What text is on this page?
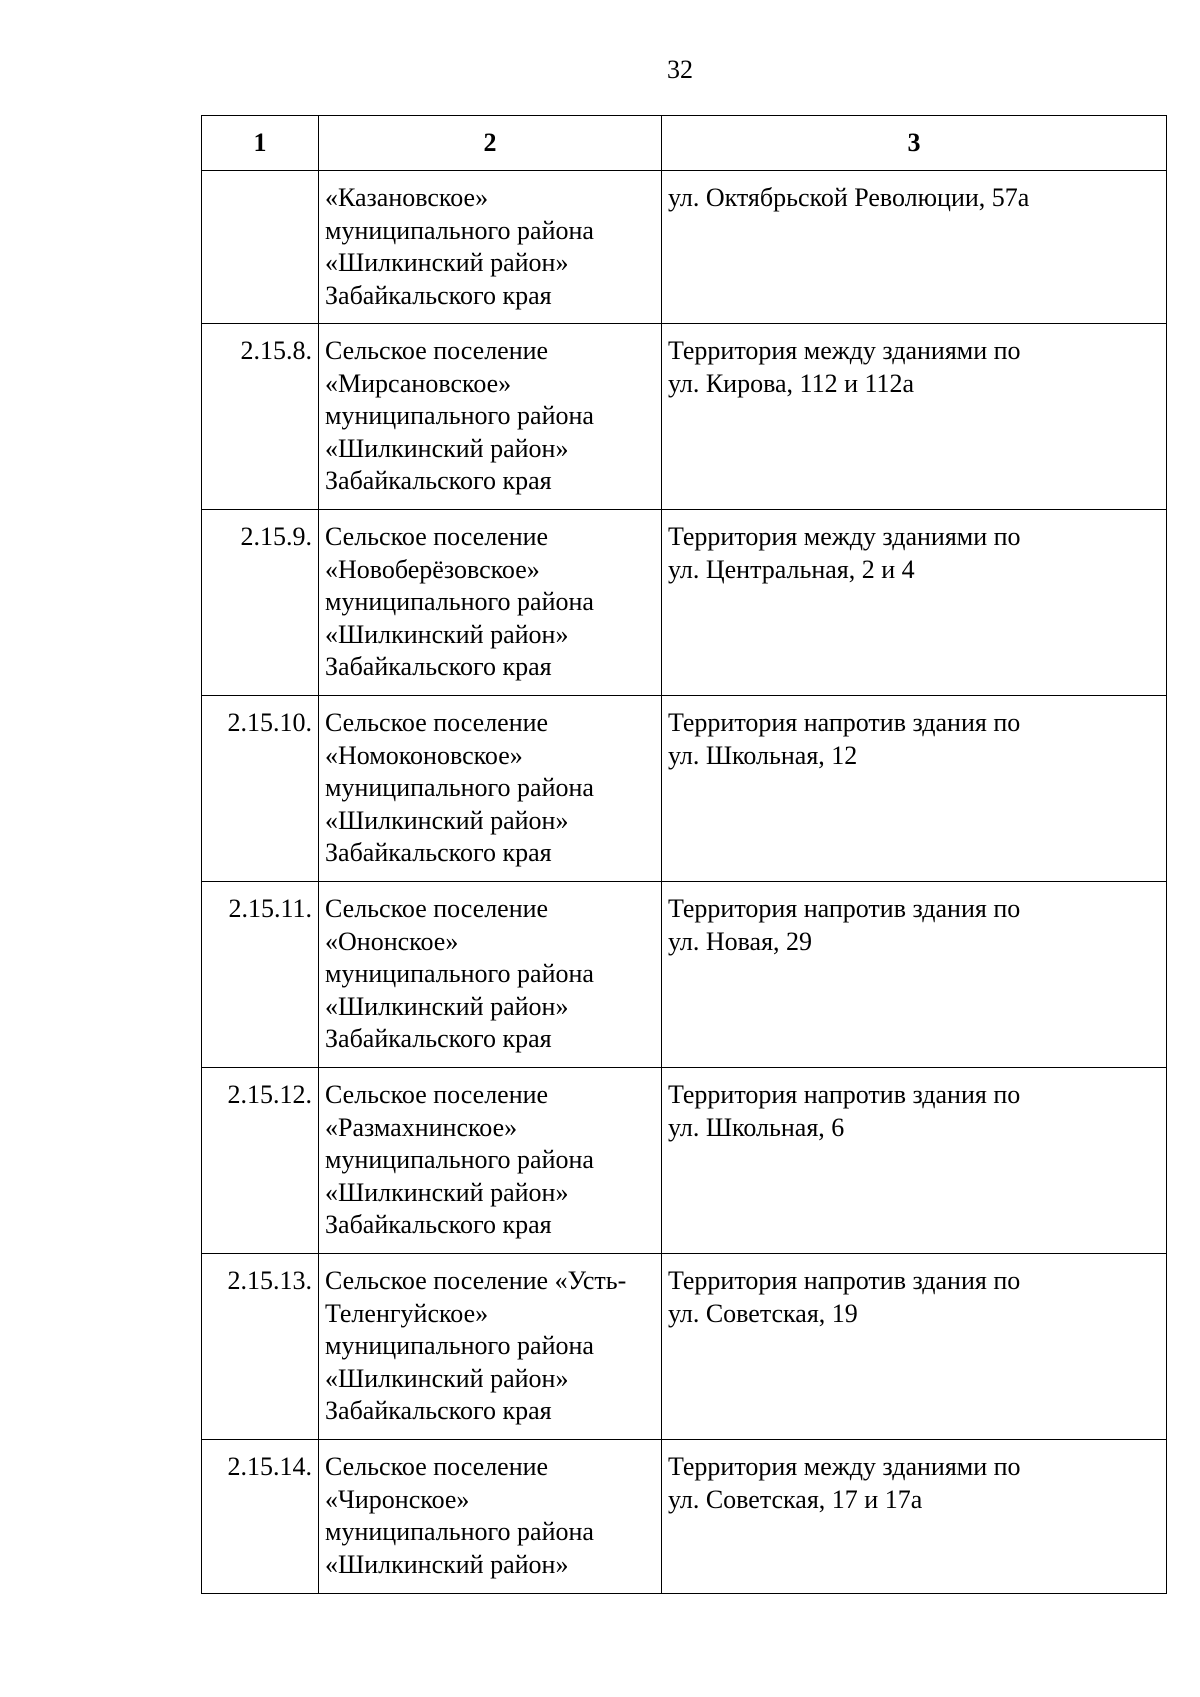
32
1	2	3

	«Казановское»
муниципального района
«Шилкинский район»
Забайкальского края	ул. Октябрьской Революции, 57а

2.15.8.	Сельское поселение
«Мирсановское»
муниципального района
«Шилкинский район»
Забайкальского края	Территория между зданиями по
ул. Кирова, 112 и 112а

2.15.9.	Сельское поселение
«Новоберёзовское»
муниципального района
«Шилкинский район»
Забайкальского края	Территория между зданиями по
ул. Центральная, 2 и 4

2.15.10.	Сельское поселение
«Номоконовское»
муниципального района
«Шилкинский район»
Забайкальского края	Территория напротив здания по
ул. Школьная, 12

2.15.11.	Сельское поселение
«Ононское»
муниципального района
«Шилкинский район»
Забайкальского края	Территория напротив здания по
ул. Новая, 29

2.15.12.	Сельское поселение
«Размахнинское»
муниципального района
«Шилкинский район»
Забайкальского края	Территория напротив здания по
ул. Школьная, 6

2.15.13.	Сельское поселение «Усть-
Теленгуйское»
муниципального района
«Шилкинский район»
Забайкальского края	Территория напротив здания по
ул. Советская, 19

2.15.14.	Сельское поселение
«Чиронское»
муниципального района
«Шилкинский район»	Территория между зданиями по
ул. Советская, 17 и 17а
